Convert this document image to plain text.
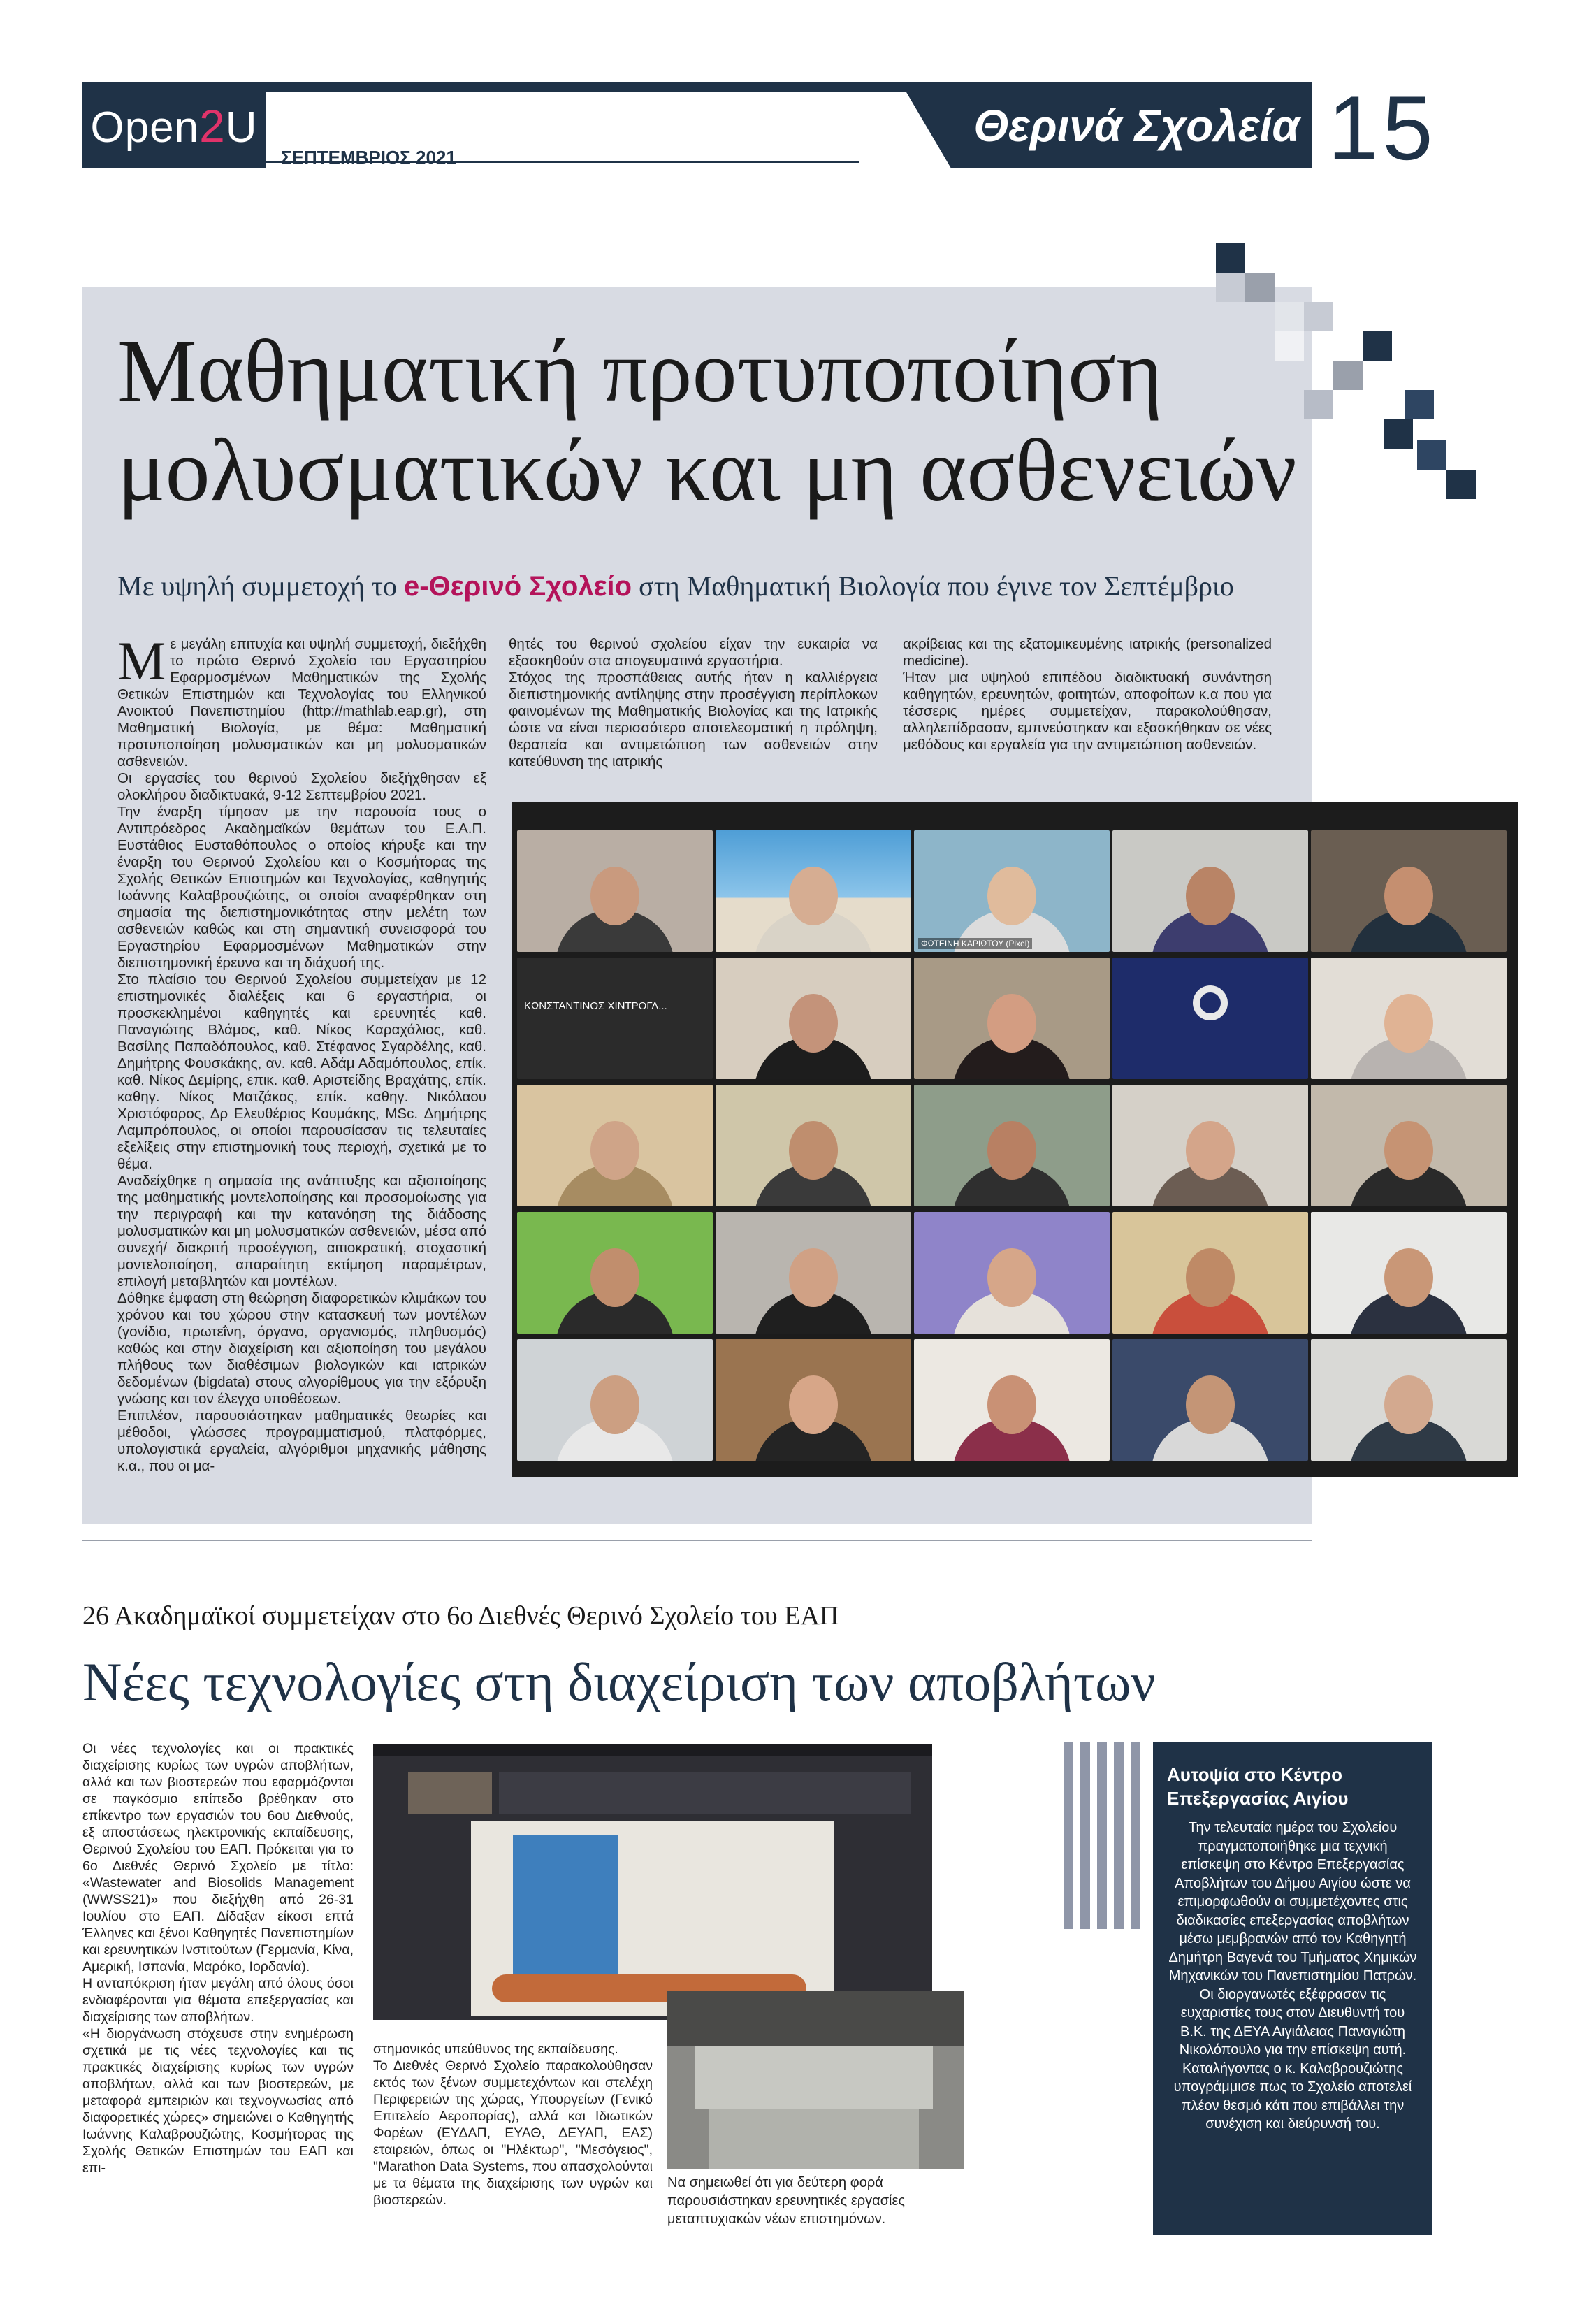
Open2U
ΣΕΠΤΕΜΒΡΙΟΣ 2021
Θερινά Σχολεία 15
Μαθηματική προτυποποίηση
μολυσματικών και μη ασθενειών
Με υψηλή συμμετοχή το e-Θερινό Σχολείο στη Μαθηματική Βιολογία που έγινε τον Σεπτέμβριο

Με μεγάλη επιτυχία και υψηλή συμμετοχή, διεξήχθη το πρώτο Θερινό Σχολείο του Εργαστηρίου Εφαρμοσμένων Μαθηματικών της Σχολής Θετικών Επιστημών και Τεχνολογίας του Ελληνικού Ανοικτού Πανεπιστημίου (http://mathlab.eap.gr), στη Μαθηματική Βιολογία, με θέμα: Μαθηματική προτυποποίηση μολυσματικών και μη μολυσματικών ασθενειών.

Οι εργασίες του θερινού Σχολείου διεξήχθησαν εξ ολοκλήρου διαδικτυακά, 9-12 Σεπτεμβρίου 2021.

Την έναρξη τίμησαν με την παρουσία τους ο Αντιπρόεδρος Ακαδημαϊκών θεμάτων του Ε.Α.Π. Ευστάθιος Ευσταθόπουλος ο οποίος κήρυξε και την έναρξη του Θερινού Σχολείου και ο Κοσμήτορας της Σχολής Θετικών Επιστημών και Τεχνολογίας, καθηγητής Ιωάννης Καλαβρουζιώτης, οι οποίοι αναφέρθηκαν στη σημασία της διεπιστημονικότητας στην μελέτη των ασθενειών καθώς και στη σημαντική συνεισφορά του Εργαστηρίου Εφαρμοσμένων Μαθηματικών στην διεπιστημονική έρευνα και τη διάχυσή της.

Στο πλαίσιο του Θερινού Σχολείου συμμετείχαν με 12 επιστημονικές διαλέξεις και 6 εργαστήρια, οι προσκεκλημένοι καθηγητές και ερευνητές καθ. Παναγιώτης Βλάμος, καθ. Νίκος Καραχάλιος, καθ. Βασίλης Παπαδόπουλος, καθ. Στέφανος Σγαρδέλης, καθ. Δημήτρης Φουσκάκης, αν. καθ. Αδάμ Αδαμόπουλος, επίκ. καθ. Νίκος Δεμίρης, επικ. καθ. Αριστείδης Βραχάτης, επίκ. καθηγ. Νίκος Ματζάκος, επίκ. καθηγ. Νικόλαου Χριστόφορος, Δρ Ελευθέριος Κουμάκης, MSc. Δημήτρης Λαμπρόπουλος, οι οποίοι παρουσίασαν τις τελευταίες εξελίξεις στην επιστημονική τους περιοχή, σχετικά με το θέμα.

Αναδείχθηκε η σημασία της ανάπτυξης και αξιοποίησης της μαθηματικής μοντελοποίησης και προσομοίωσης για την περιγραφή και την κατανόηση της διάδοσης μολυσματικών και μη μολυσματικών ασθενειών, μέσα από συνεχή/ διακριτή προσέγγιση, αιτιοκρατική, στοχαστική μοντελοποίηση, απαραίτητη εκτίμηση παραμέτρων, επιλογή μεταβλητών και μοντέλων.

Δόθηκε έμφαση στη θεώρηση διαφορετικών κλιμάκων του χρόνου και του χώρου στην κατασκευή των μοντέλων (γονίδιο, πρωτεΐνη, όργανο, οργανισμός, πληθυσμός) καθώς και στην διαχείριση και αξιοποίηση του μεγάλου πλήθους των διαθέσιμων βιολογικών και ιατρικών δεδομένων (bigdata) στους αλγορίθμους για την εξόρυξη γνώσης και τον έλεγχο υποθέσεων.

Επιπλέον, παρουσιάστηκαν μαθηματικές θεωρίες και μέθοδοι, γλώσσες προγραμματισμού, πλατφόρμες, υπολογιστικά εργαλεία, αλγόριθμοι μηχανικής μάθησης κ.α., που οι μα-

θητές του θερινού σχολείου είχαν την ευκαιρία να εξασκηθούν στα απογευματινά εργαστήρια.

Στόχος της προσπάθειας αυτής ήταν η καλλιέργεια διεπιστημονικής αντίληψης στην προσέγγιση περίπλοκων φαινομένων της Μαθηματικής Βιολογίας και της Ιατρικής ώστε να είναι περισσότερο αποτελεσματική η πρόληψη, θεραπεία και αντιμετώπιση των ασθενειών στην κατεύθυνση της ιατρικής

ακρίβειας και της εξατομικευμένης ιατρικής (personalized medicine).

Ήταν μια υψηλού επιπέδου διαδικτυακή συνάντηση καθηγητών, ερευνητών, φοιτητών, αποφοίτων κ.α που για τέσσερις ημέρες συμμετείχαν, παρακολούθησαν, αλληλεπίδρασαν, εμπνεύστηκαν και εξασκήθηκαν σε νέες μεθόδους και εργαλεία για την αντιμετώπιση ασθενειών.

ΦΩΤΕΙΝΗ ΚΑΡΙΩΤΟΥ (Pixel)
ΚΩΝΣΤΑΝΤΙΝΟΣ ΧΙΝΤΡΟΓΛ...
26 Ακαδημαϊκοί συμμετείχαν στο 6ο Διεθνές Θερινό Σχολείο του ΕΑΠ
Νέες τεχνολογίες στη διαχείριση των αποβλήτων

Οι νέες τεχνολογίες και οι πρακτικές διαχείρισης κυρίως των υγρών αποβλήτων, αλλά και των βιοστερεών που εφαρμόζονται σε παγκόσμιο επίπεδο βρέθηκαν στο επίκεντρο των εργασιών του 6ου Διεθνούς, εξ αποστάσεως ηλεκτρονικής εκπαίδευσης, Θερινού Σχολείου του ΕΑΠ. Πρόκειται για το 6ο Διεθνές Θερινό Σχολείο με τίτλο: «Wastewater and Biosolids Management (WWSS21)» που διεξήχθη από 26-31 Ιουλίου στο ΕΑΠ. Δίδαξαν είκοσι επτά Έλληνες και ξένοι Καθηγητές Πανεπιστημίων και ερευνητικών Ινστιτούτων (Γερμανία, Κίνα, Αμερική, Ισπανία, Μαρόκο, Ιορδανία).

Η ανταπόκριση ήταν μεγάλη από όλους όσοι ενδιαφέρονται για θέματα επεξεργασίας και διαχείρισης των αποβλήτων.

«Η διοργάνωση στόχευσε στην ενημέρωση σχετικά με τις νέες τεχνολογίες και τις πρακτικές διαχείρισης κυρίως των υγρών αποβλήτων, αλλά και των βιοστερεών, με μεταφορά εμπειριών και τεχνογνωσίας από διαφορετικές χώρες» σημειώνει ο Καθηγητής Ιωάννης Καλαβρουζιώτης, Κοσμήτορας της Σχολής Θετικών Επιστημών του ΕΑΠ και επι-

στημονικός υπεύθυνος της εκπαίδευσης.

Το Διεθνές Θερινό Σχολείο παρακολούθησαν εκτός των ξένων συμμετεχόντων και στελέχη Περιφερειών της χώρας, Υπουργείων (Γενικό Επιτελείο Αεροπορίας), αλλά και Ιδιωτικών Φορέων (ΕΥΔΑΠ, ΕΥΑΘ, ΔΕΥΑΠ, ΕΑΣ) εταιρειών, όπως οι "Hλέκτωρ", "Μεσόγειος", "Marathon Data Systems, που απασχολούνται με τα θέματα της διαχείρισης των υγρών και βιοστερεών.

Να σημειωθεί ότι για δεύτερη φορά παρουσιάστηκαν ερευνητικές εργασίες μεταπτυχιακών νέων επιστημόνων.
Αυτοψία στο Κέντρο Επεξεργασίας Αιγίου
Την τελευταία ημέρα του Σχολείου πραγματοποιήθηκε μια τεχνική επίσκεψη στο Κέντρο Επεξεργασίας Αποβλήτων του Δήμου Αιγίου ώστε να επιμορφωθούν οι συμμετέχοντες στις διαδικασίες επεξεργασίας αποβλήτων μέσω μεμβρανών από τον Καθηγητή Δημήτρη Βαγενά του Τμήματος Χημικών Μηχανικών του Πανεπιστημίου Πατρών. Οι διοργανωτές εξέφρασαν τις ευχαριστίες τους στον Διευθυντή του Β.Κ. της ΔΕΥΑ Αιγιάλειας Παναγιώτη Νικολόπουλο για την επίσκεψη αυτή. Καταλήγοντας ο κ. Καλαβρουζιώτης υπογράμμισε πως το Σχολείο αποτελεί πλέον θεσμό κάτι που επιβάλλει την συνέχιση και διεύρυνσή του.
